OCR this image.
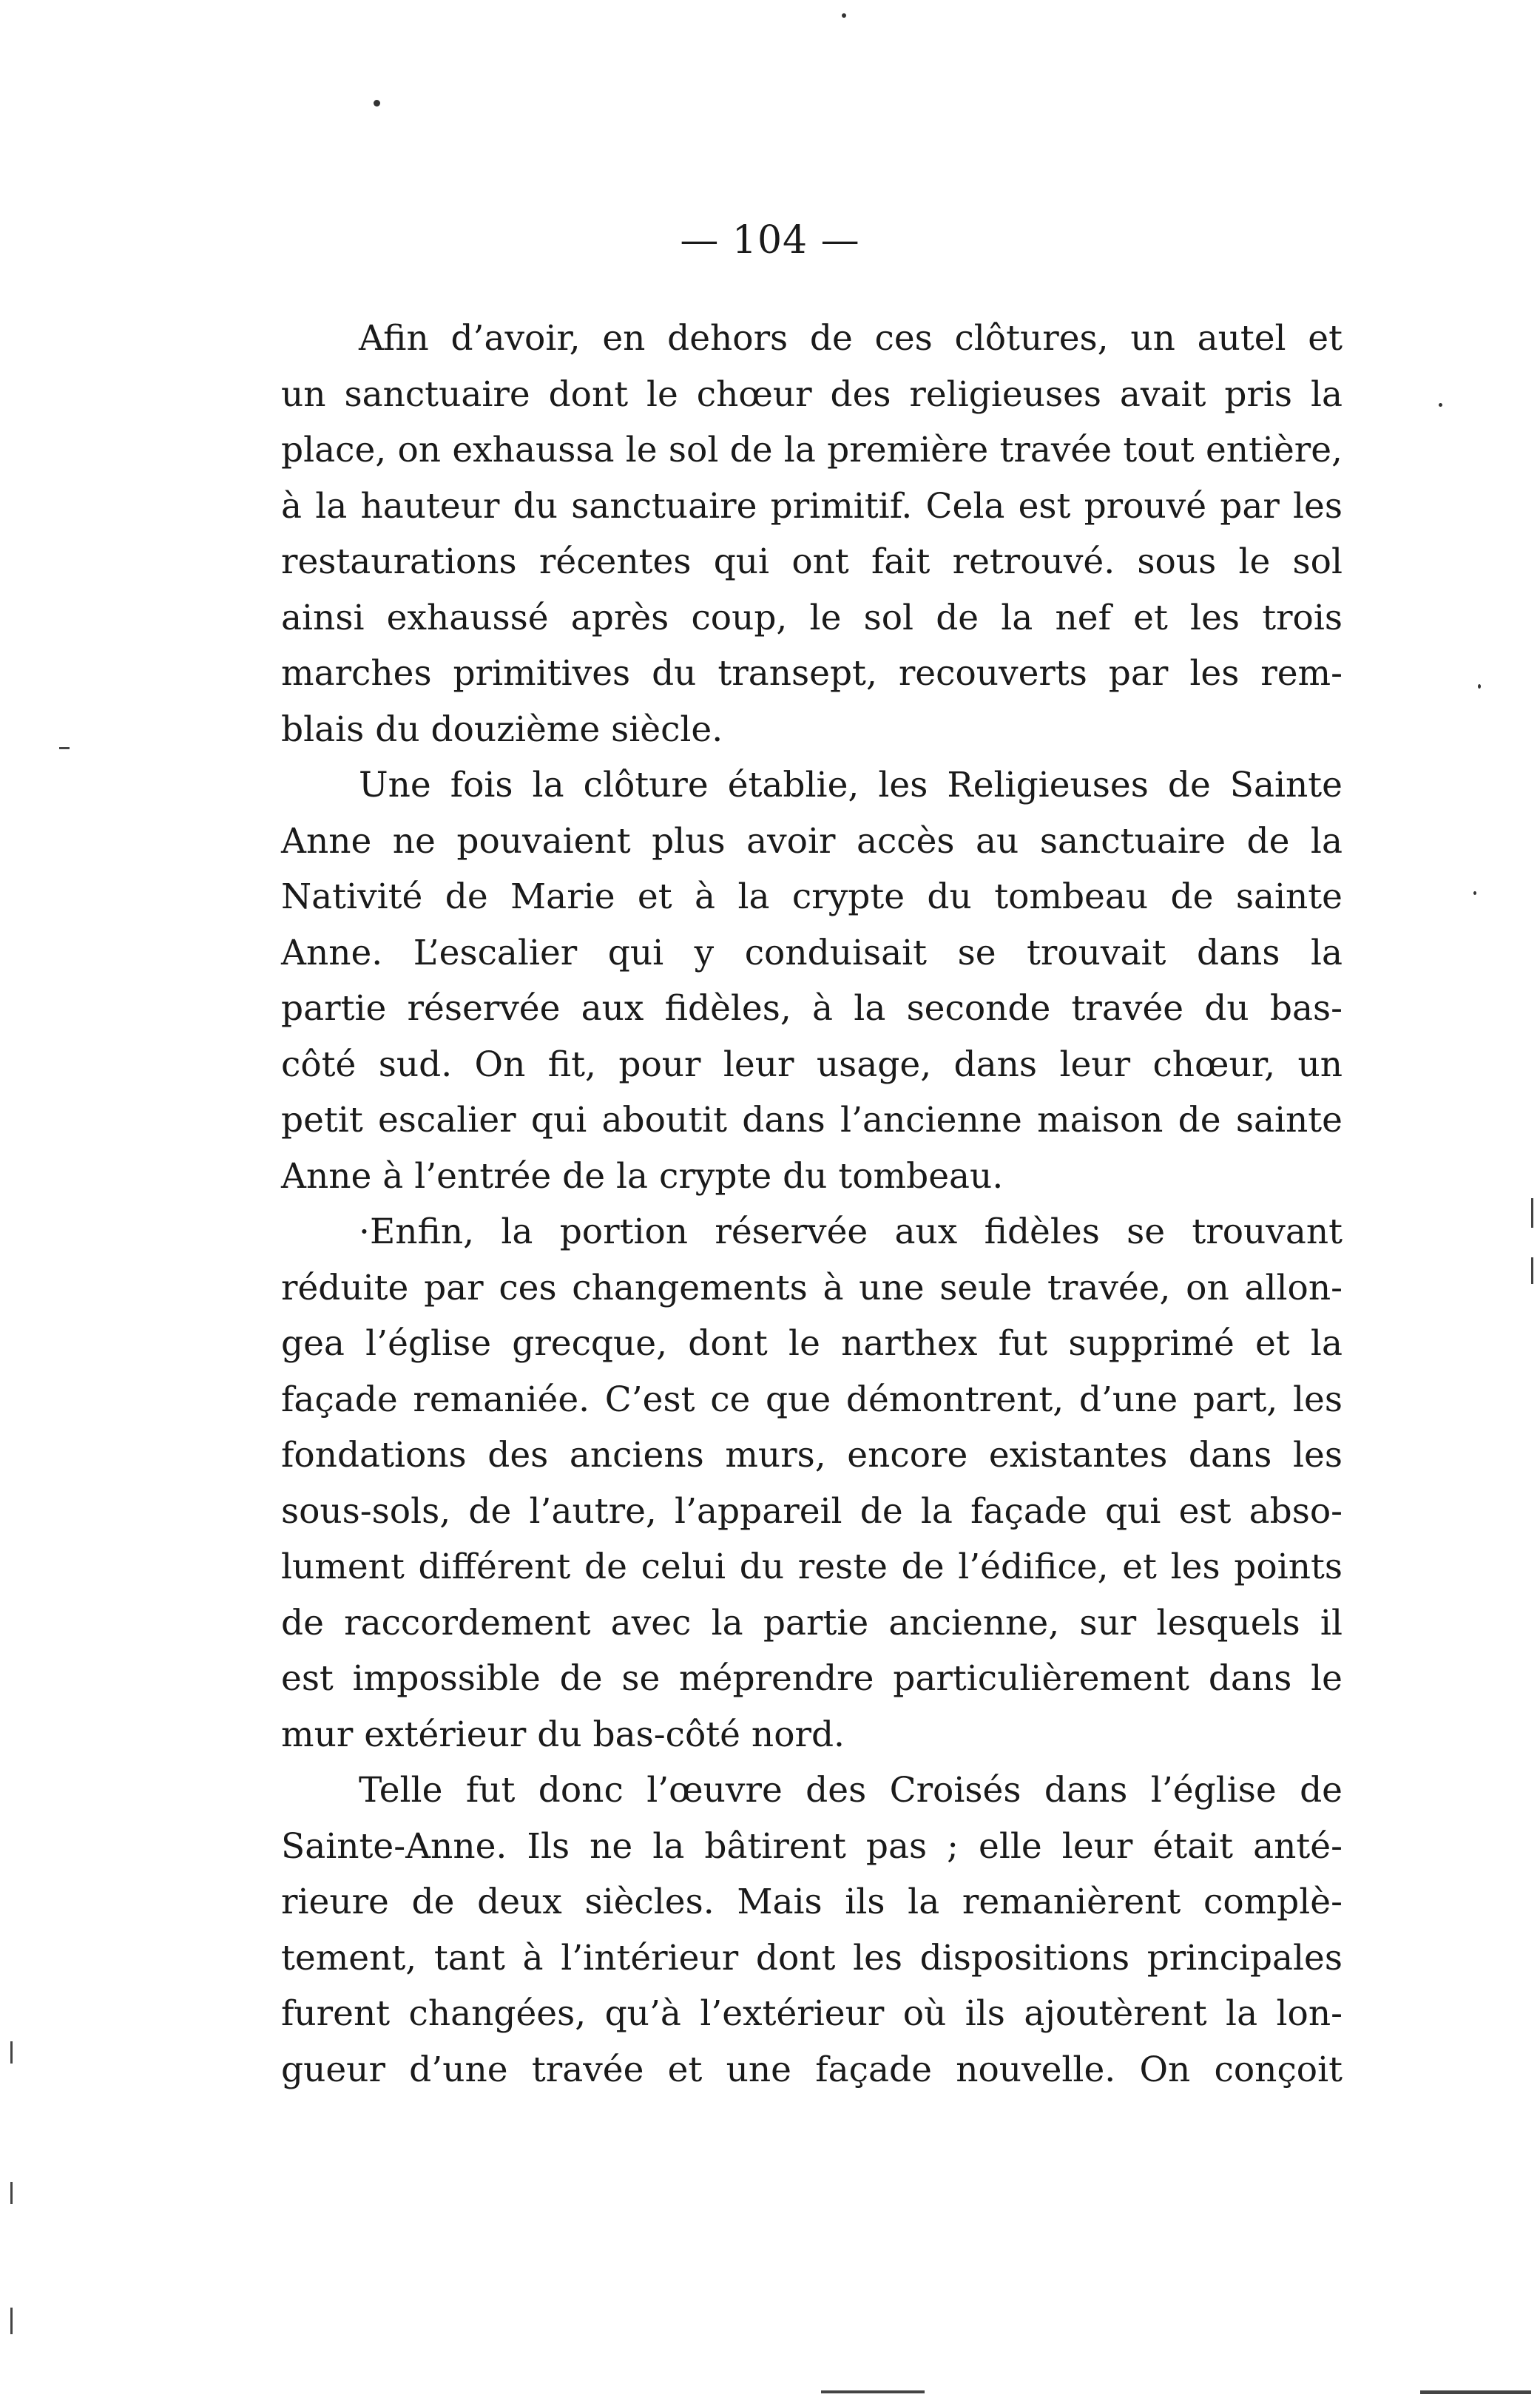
— 104 —
Afin d’avoir, en dehors de ces clôtures, un autel et
un sanctuaire dont le chœur des religieuses avait pris la
place, on exhaussa le sol de la première travée tout entière,
à la hauteur du sanctuaire primitif. Cela est prouvé par les
restaurations récentes qui ont fait retrouvé. sous le sol
ainsi exhaussé après coup, le sol de la nef et les trois
marches primitives du transept, recouverts par les rem-
blais du douzième siècle.
Une fois la clôture établie, les Religieuses de Sainte
Anne ne pouvaient plus avoir accès au sanctuaire de la
Nativité de Marie et à la crypte du tombeau de sainte
Anne. L’escalier qui y conduisait se trouvait dans la
partie réservée aux fidèles, à la seconde travée du bas-
côté sud. On fit, pour leur usage, dans leur chœur, un
petit escalier qui aboutit dans l’ancienne maison de sainte
Anne à l’entrée de la crypte du tombeau.
·Enfin, la portion réservée aux fidèles se trouvant
réduite par ces changements à une seule travée, on allon-
gea l’église grecque, dont le narthex fut supprimé et la
façade remaniée. C’est ce que démontrent, d’une part, les
fondations des anciens murs, encore existantes dans les
sous-sols, de l’autre, l’appareil de la façade qui est abso-
lument différent de celui du reste de l’édifice, et les points
de raccordement avec la partie ancienne, sur lesquels il
est impossible de se méprendre particulièrement dans le
mur extérieur du bas-côté nord.
Telle fut donc l’œuvre des Croisés dans l’église de
Sainte-Anne. Ils ne la bâtirent pas ; elle leur était anté-
rieure de deux siècles. Mais ils la remanièrent complè-
tement, tant à l’intérieur dont les dispositions principales
furent changées, qu’à l’extérieur où ils ajoutèrent la lon-
gueur d’une travée et une façade nouvelle. On conçoit
